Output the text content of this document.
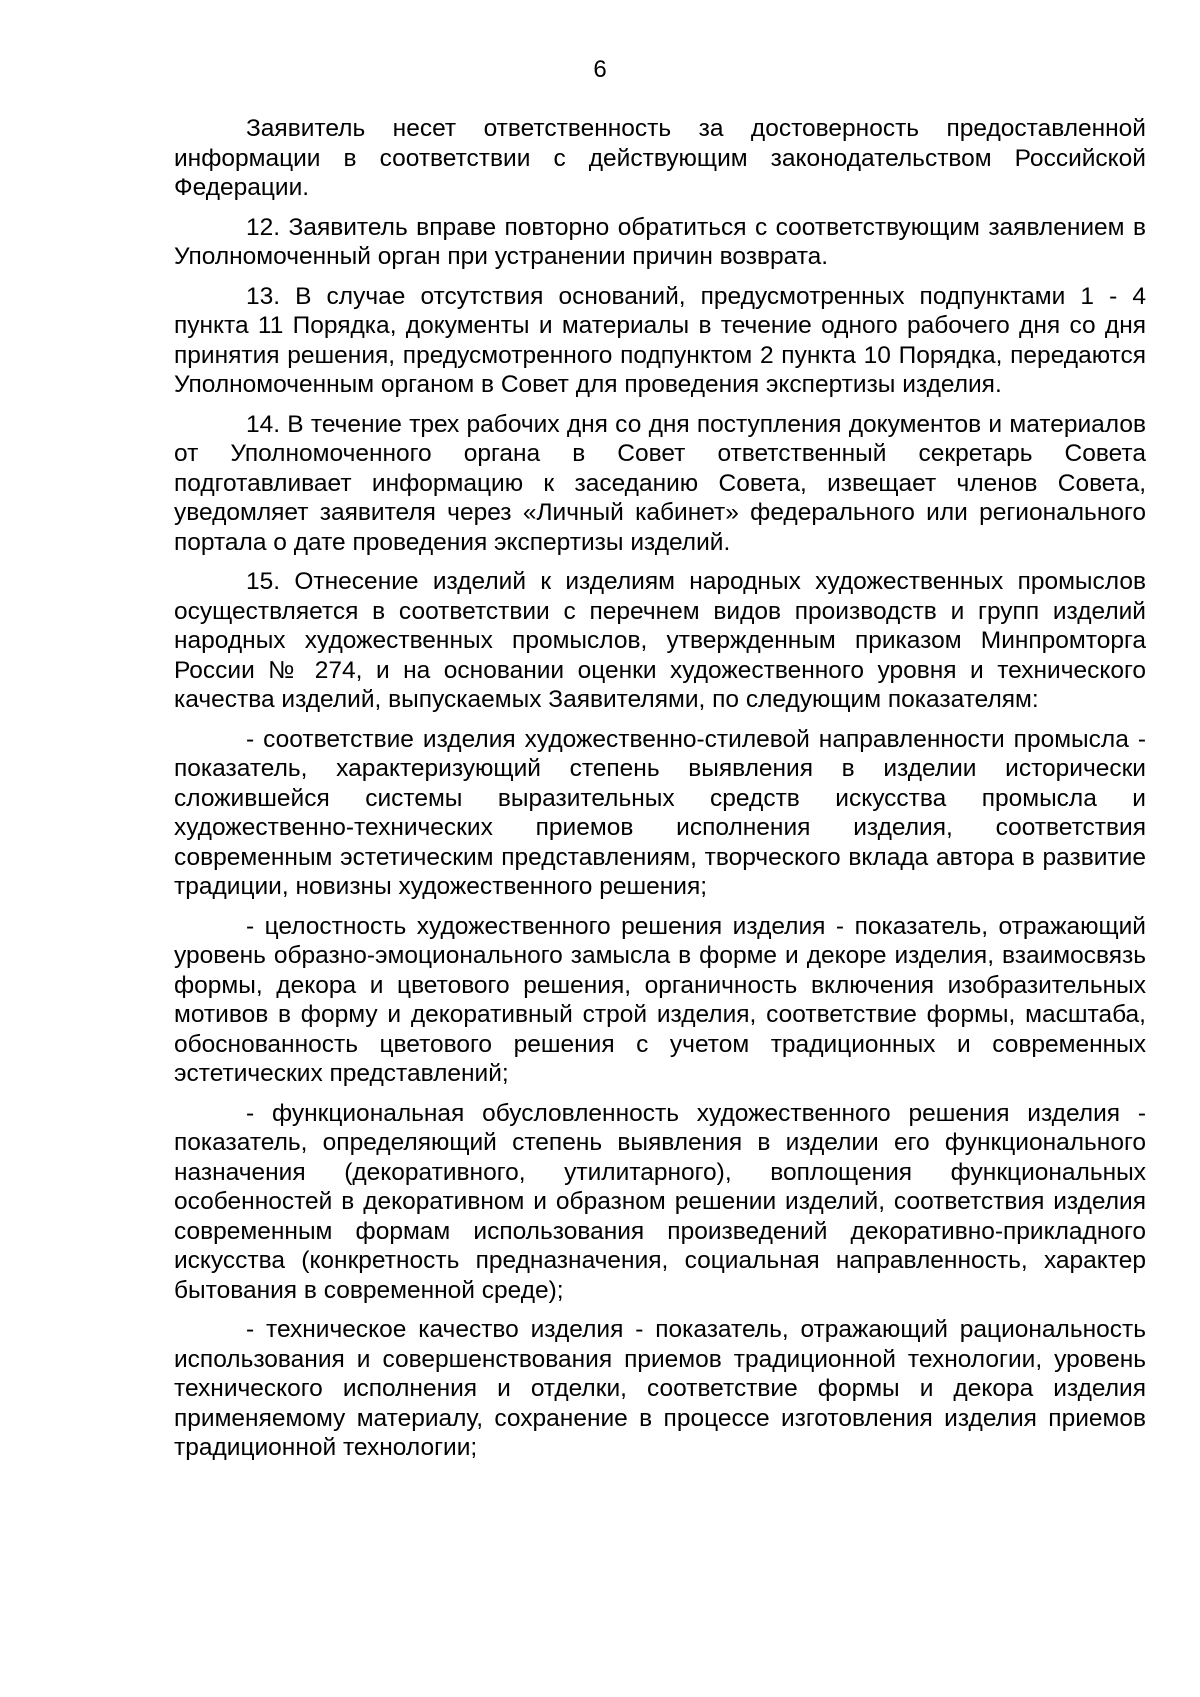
6

Заявитель несет ответственность за достоверность предоставленной информации в соответствии с действующим законодательством Российской Федерации.

12. Заявитель вправе повторно обратиться с соответствующим заявлением в Уполномоченный орган при устранении причин возврата.

13. В случае отсутствия оснований, предусмотренных подпунктами 1 - 4 пункта 11 Порядка, документы и материалы в течение одного рабочего дня со дня принятия решения, предусмотренного подпунктом 2 пункта 10 Порядка, передаются Уполномоченным органом в Совет для проведения экспертизы изделия.

14. В течение трех рабочих дня со дня поступления документов и материалов от Уполномоченного органа в Совет ответственный секретарь Совета подготавливает информацию к заседанию Совета, извещает членов Совета, уведомляет заявителя через «Личный кабинет» федерального или регионального портала о дате проведения экспертизы изделий.

15. Отнесение изделий к изделиям народных художественных промыслов осуществляется в соответствии с перечнем видов производств и групп изделий народных художественных промыслов, утвержденным приказом Минпромторга России № 274, и на основании оценки художественного уровня и технического качества изделий, выпускаемых Заявителями, по следующим показателям:

- соответствие изделия художественно-стилевой направленности промысла - показатель, характеризующий степень выявления в изделии исторически сложившейся системы выразительных средств искусства промысла и художественно-технических приемов исполнения изделия, соответствия современным эстетическим представлениям, творческого вклада автора в развитие традиции, новизны художественного решения;

- целостность художественного решения изделия - показатель, отражающий уровень образно-эмоционального замысла в форме и декоре изделия, взаимосвязь формы, декора и цветового решения, органичность включения изобразительных мотивов в форму и декоративный строй изделия, соответствие формы, масштаба, обоснованность цветового решения с учетом традиционных и современных эстетических представлений;

- функциональная обусловленность художественного решения изделия - показатель, определяющий степень выявления в изделии его функционального назначения (декоративного, утилитарного), воплощения функциональных особенностей в декоративном и образном решении изделий, соответствия изделия современным формам использования произведений декоративно-прикладного искусства (конкретность предназначения, социальная направленность, характер бытования в современной среде);

- техническое качество изделия - показатель, отражающий рациональность использования и совершенствования приемов традиционной технологии, уровень технического исполнения и отделки, соответствие формы и декора изделия применяемому материалу, сохранение в процессе изготовления изделия приемов традиционной технологии;
